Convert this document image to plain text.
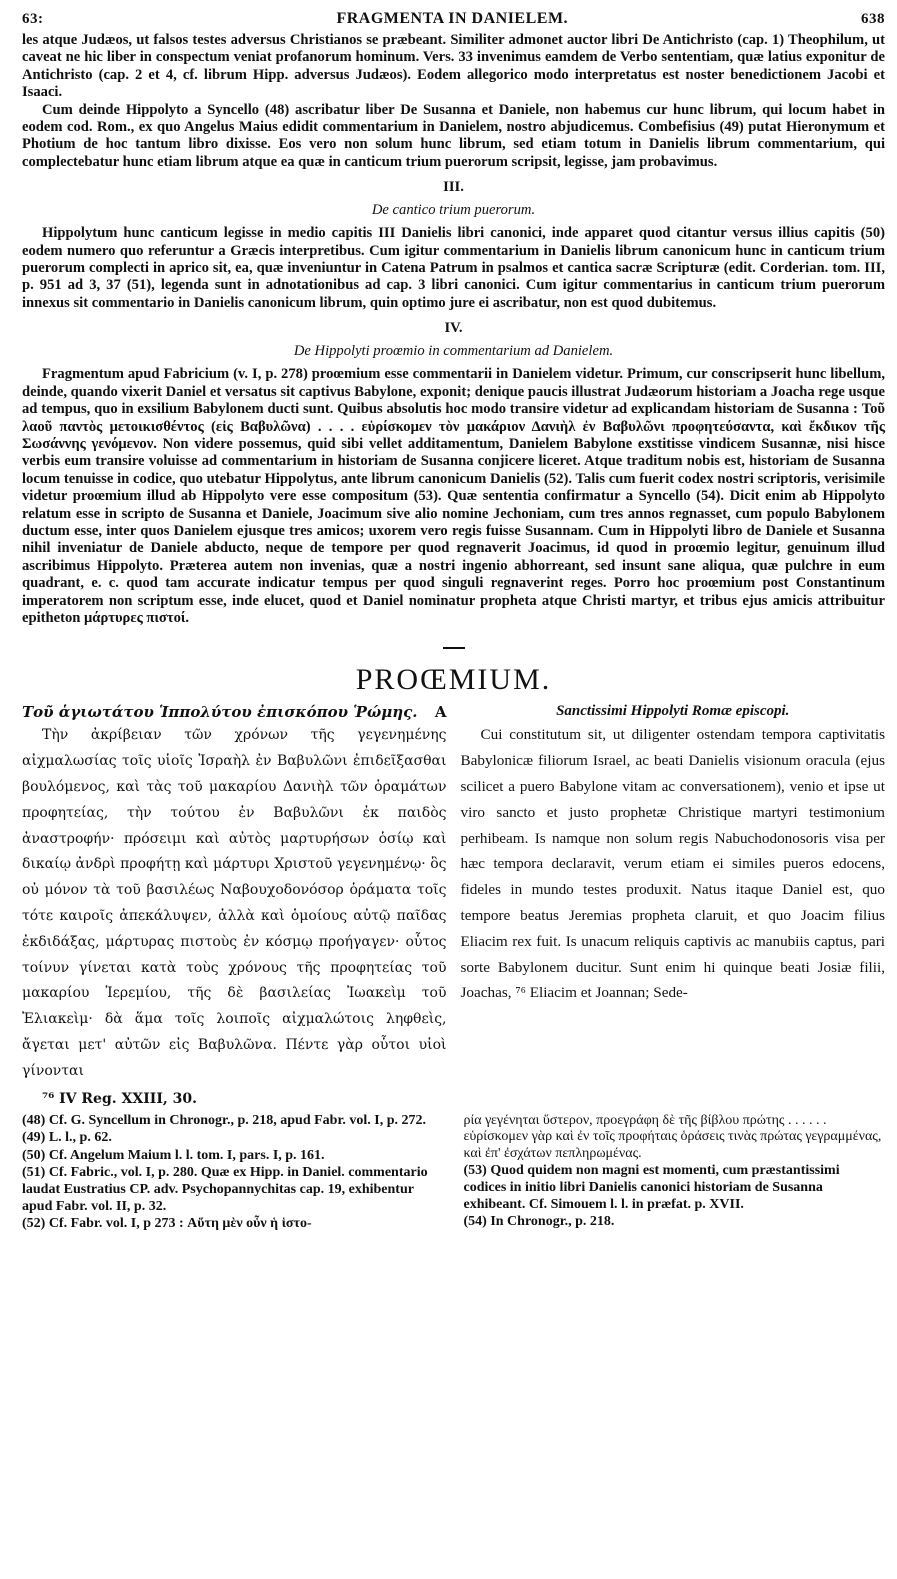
63:	FRAGMENTA IN DANIELEM.	638

les atque Judæos, ut falsos testes adversus Christianos se præbeant. Similiter admonet auctor libri De Antichristo (cap. 1) Theophilum, ut caveat ne hic liber in conspectum veniat profanorum hominum. Vers. 33 invenimus eamdem de Verbo sententiam, quæ latius exponitur de Antichristo (cap. 2 et 4, cf. librum Hipp. adversus Judæos). Eodem allegorico modo interpretatus est noster benedictionem Jacobi et Isaaci.

Cum deinde Hippolyto a Syncello (48) ascribatur liber De Susanna et Daniele, non habemus cur hunc librum, qui locum habet in eodem cod. Rom., ex quo Angelus Maius edidit commentarium in Danielem, nostro abjudicemus. Combefisius (49) putat Hieronymum et Photium de hoc tantum libro dixisse. Eos vero non solum hunc librum, sed etiam totum in Danielis librum commentarium, qui complectebatur hunc etiam librum atque ea quæ in canticum trium puerorum scripsit, legisse, jam probavimus.

III.
De cantico trium puerorum.

Hippolytum hunc canticum legisse in medio capitis III Danielis libri canonici, inde apparet quod citantur versus illius capitis (50) eodem numero quo referuntur a Græcis interpretibus. Cum igitur commentarium in Danielis librum canonicum hunc in canticum trium puerorum complecti in aprico sit, ea, quæ inveniuntur in Catena Patrum in psalmos et cantica sacræ Scripturæ (edit. Corderian. tom. III, p. 951 ad 3, 37 (51), legenda sunt in adnotationibus ad cap. 3 libri canonici. Cum igitur commentarius in canticum trium puerorum innexus sit commentario in Danielis canonicum librum, quin optimo jure ei ascribatur, non est quod dubitemus.

IV.
De Hippolyti proœmio in commentarium ad Danielem.

Fragmentum apud Fabricium (v. I, p. 278) proœmium esse commentarii in Danielem videtur. Primum, cur conscripserit hunc libellum, deinde, quando vixerit Daniel et versatus sit captivus Babylone, exponit; denique paucis illustrat Judæorum historiam a Joacha rege usque ad tempus, quo in exsilium Babylonem ducti sunt. Quibus absolutis hoc modo transire videtur ad explicandam historiam de Susanna : Τοῦ λαοῦ παντὸς μετοικισθέντος (εἰς Βαβυλῶνα) . . . . εὑρίσκομεν τὸν μακάριον Δανιὴλ ἐν Βαβυλῶνι προφητεύσαντα, καὶ ἔκδικον τῆς Σωσάννης γενόμενον. Non videre possemus, quid sibi vellet additamentum, Danielem Babylone exstitisse vindicem Susannæ, nisi hisce verbis eum transire voluisse ad commentarium in historiam de Susanna conjicere liceret. Atque traditum nobis est, historiam de Susanna locum tenuisse in codice, quo utebatur Hippolytus, ante librum canonicum Danielis (52). Talis cum fuerit codex nostri scriptoris, verisimile videtur proœmium illud ab Hippolyto vere esse compositum (53). Quæ sententia confirmatur a Syncello (54). Dicit enim ab Hippolyto relatum esse in scripto de Susanna et Daniele, Joacimum sive alio nomine Jechoniam, cum tres annos regnasset, cum populo Babylonem ductum esse, inter quos Danielem ejusque tres amicos; uxorem vero regis fuisse Susannam. Cum in Hippolyti libro de Daniele et Susanna nihil inveniatur de Daniele abducto, neque de tempore per quod regnaverit Joacimus, id quod in proœmio legitur, genuinum illud ascribimus Hippolyto. Præterea autem non invenias, quæ a nostri ingenio abhorreant, sed insunt sane aliqua, quæ pulchre in eum quadrant, e. c. quod tam accurate indicatur tempus per quod singuli regnaverint reges. Porro hoc proœmium post Constantinum imperatorem non scriptum esse, inde elucet, quod et Daniel nominatur propheta atque Christi martyr, et tribus ejus amicis attribuitur epitheton μάρτυρες πιστοί.

PROŒMIUM.
Τοῦ ἁγιωτάτου Ἱππολύτου ἐπισκόπου Ῥώμης. A

Τὴν ἀκρίβειαν τῶν χρόνων τῆς γεγενημένης αἰχμαλωσίας τοῖς υἱοῖς Ἰσραὴλ ἐν Βαβυλῶνι ἐπιδεῖξασθαι βουλόμενος, καὶ τὰς τοῦ μακαρίου Δανιὴλ τῶν ὁραμάτων προφητείας, τὴν τούτου ἐν Βαβυλῶνι ἐκ παιδὸς ἀναστροφήν· πρόσειμι καὶ αὐτὸς μαρτυρήσων ὁσίῳ καὶ δικαίῳ ἀνδρὶ προφήτῃ καὶ μάρτυρι Χριστοῦ γεγενημένῳ· ὃς οὐ μόνον τὰ τοῦ βασιλέως Ναβουχοδονόσορ ὁράματα τοῖς τότε καιροῖς ἀπεκάλυψεν, ἀλλὰ καὶ ὁμοίους αὐτῷ παῖδας ἐκδιδάξας, μάρτυρας πιστοὺς ἐν κόσμῳ προήγαγεν· οὗτος τοίνυν γίνεται κατὰ τοὺς χρόνους τῆς προφητείας τοῦ μακαρίου Ἱερεμίου, τῆς δὲ βασιλείας Ἰωακεὶμ τοῦ Ἐλιακεὶμ· δὰ ἅμα τοῖς λοιποῖς αἰχμαλώτοις ληφθεὶς, ἄγεται μετ' αὐτῶν εἰς Βαβυλῶνα. Πέντε γὰρ οὗτοι υἱοὶ γίνονται

⁷⁶ IV Reg. XXIII, 30.
Sanctissimi Hippolyti Romæ episcopi.

Cui constitutum sit, ut diligenter ostendam tempora captivitatis Babylonicæ filiorum Israel, ac beati Danielis visionum oracula (ejus scilicet a puero Babylone vitam ac conversationem), venio et ipse ut viro sancto et justo prophetæ Christique martyri testimonium perhibeam. Is namque non solum regis Nabuchodonosoris visa per hæc tempora declaravit, verum etiam ei similes pueros edocens, fideles in mundo testes produxit. Natus itaque Daniel est, quo tempore beatus Jeremias propheta claruit, et quo Joacim filius Eliacim rex fuit. Is unacum reliquis captivis ac manubiis captus, pari sorte Babylonem ducitur. Sunt enim hi quinque beati Josiæ filii, Joachas, ⁷⁶ Eliacim et Joannan; Sede-

(48) Cf. G. Syncellum in Chronogr., p. 218, apud Fabr. vol. I, p. 272.

(49) L. l., p. 62.

(50) Cf. Angelum Maium l. l. tom. I, pars. I, p. 161.

(51) Cf. Fabric., vol. I, p. 280. Quæ ex Hipp. in Daniel. commentario laudat Eustratius CP. adv. Psychopannychitas cap. 19, exhibentur apud Fabr. vol. II, p. 32.

(52) Cf. Fabr. vol. I, p 273 : Αὕτη μὲν οὖν ἡ ἱστο-

ρία γεγένηται ὕστερον, προεγράφη δὲ τῆς βίβλου πρώτης . . . . . . εὑρίσκομεν γὰρ καὶ ἐν τοῖς προφήταις ὁράσεις τινὰς πρώτας γεγραμμένας, καὶ ἐπ' ἐσχάτων πεπληρωμένας.

(53) Quod quidem non magni est momenti, cum præstantissimi codices in initio libri Danielis canonici historiam de Susanna exhibeant. Cf. Simouem l. l. in præfat. p. XVII.

(54) In Chronogr., p. 218.
